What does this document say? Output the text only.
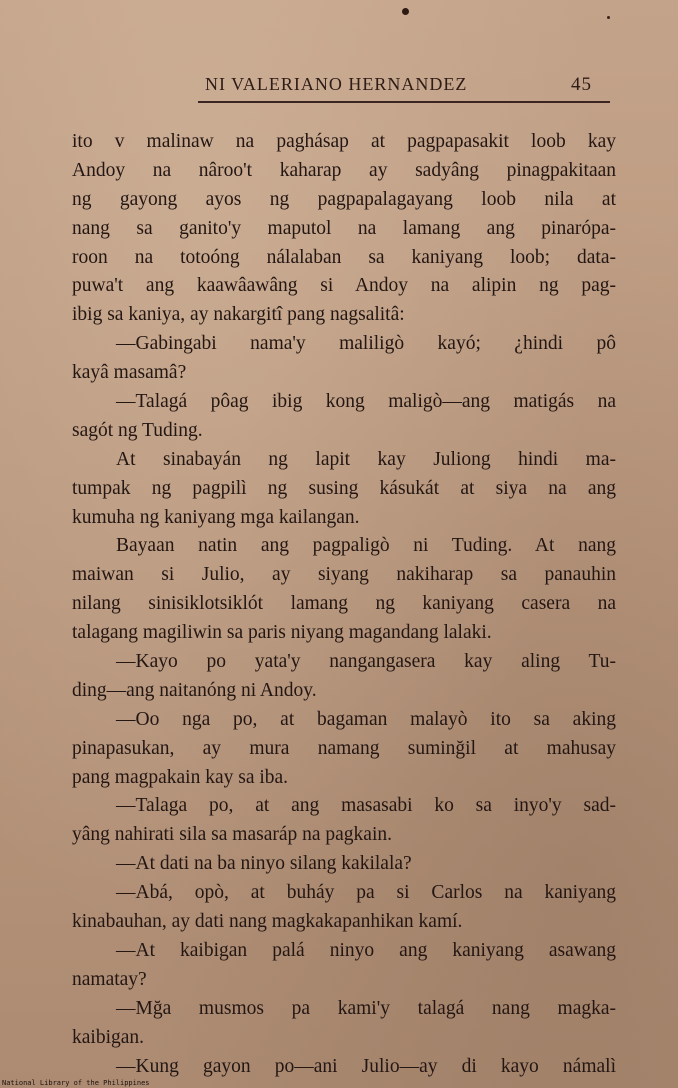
NI VALERIANO HERNANDEZ	45
ito v malinaw na paghásap at pagpapasakit loob kay
Andoy na nâroo't kaharap ay sadyâng pinagpakitaan
ng gayong ayos ng pagpapalagayang loob nila at
nang sa ganito'y maputol na lamang ang pinarópa-
roon na totoóng nálalaban sa kaniyang loob; data-
puwa't ang kaawâawâng si Andoy na alipin ng pag-
ibig sa kaniya, ay nakargitî pang nagsalitâ:
—Gabingabi nama'y maliligò kayó; ¿hindi pô
kayâ masamâ?
—Talagá pôag ibig kong maligò—ang matigás na
sagót ng Tuding.
At sinabayán ng lapit kay Juliong hindi ma-
tumpak ng pagpilì ng susing kásukát at siya na ang
kumuha ng kaniyang mga kailangan.
Bayaan natin ang pagpaligò ni Tuding. At nang
maiwan si Julio, ay siyang nakiharap sa panauhin
nilang sinisiklotsiklót lamang ng kaniyang casera na
talagang magiliwin sa paris niyang magandang lalaki.
—Kayo po yata'y nangangasera kay aling Tu-
ding—ang naitanóng ni Andoy.
—Oo nga po, at bagaman malayò ito sa aking
pinapasukan, ay mura namang suminğil at mahusay
pang magpakain kay sa iba.
—Talaga po, at ang masasabi ko sa inyo'y sad-
yâng nahirati sila sa masaráp na pagkain.
—At dati na ba ninyo silang kakilala?
—Abá, opò, at buháy pa si Carlos na kaniyang
kinabauhan, ay dati nang magkakapanhikan kamí.
—At kaibigan palá ninyo ang kaniyang asawang
namatay?
—Mğa musmos pa kami'y talagá nang magka-
kaibigan.
—Kung gayon po—ani Julio—ay di kayo námalì
National Library of the Philippines
